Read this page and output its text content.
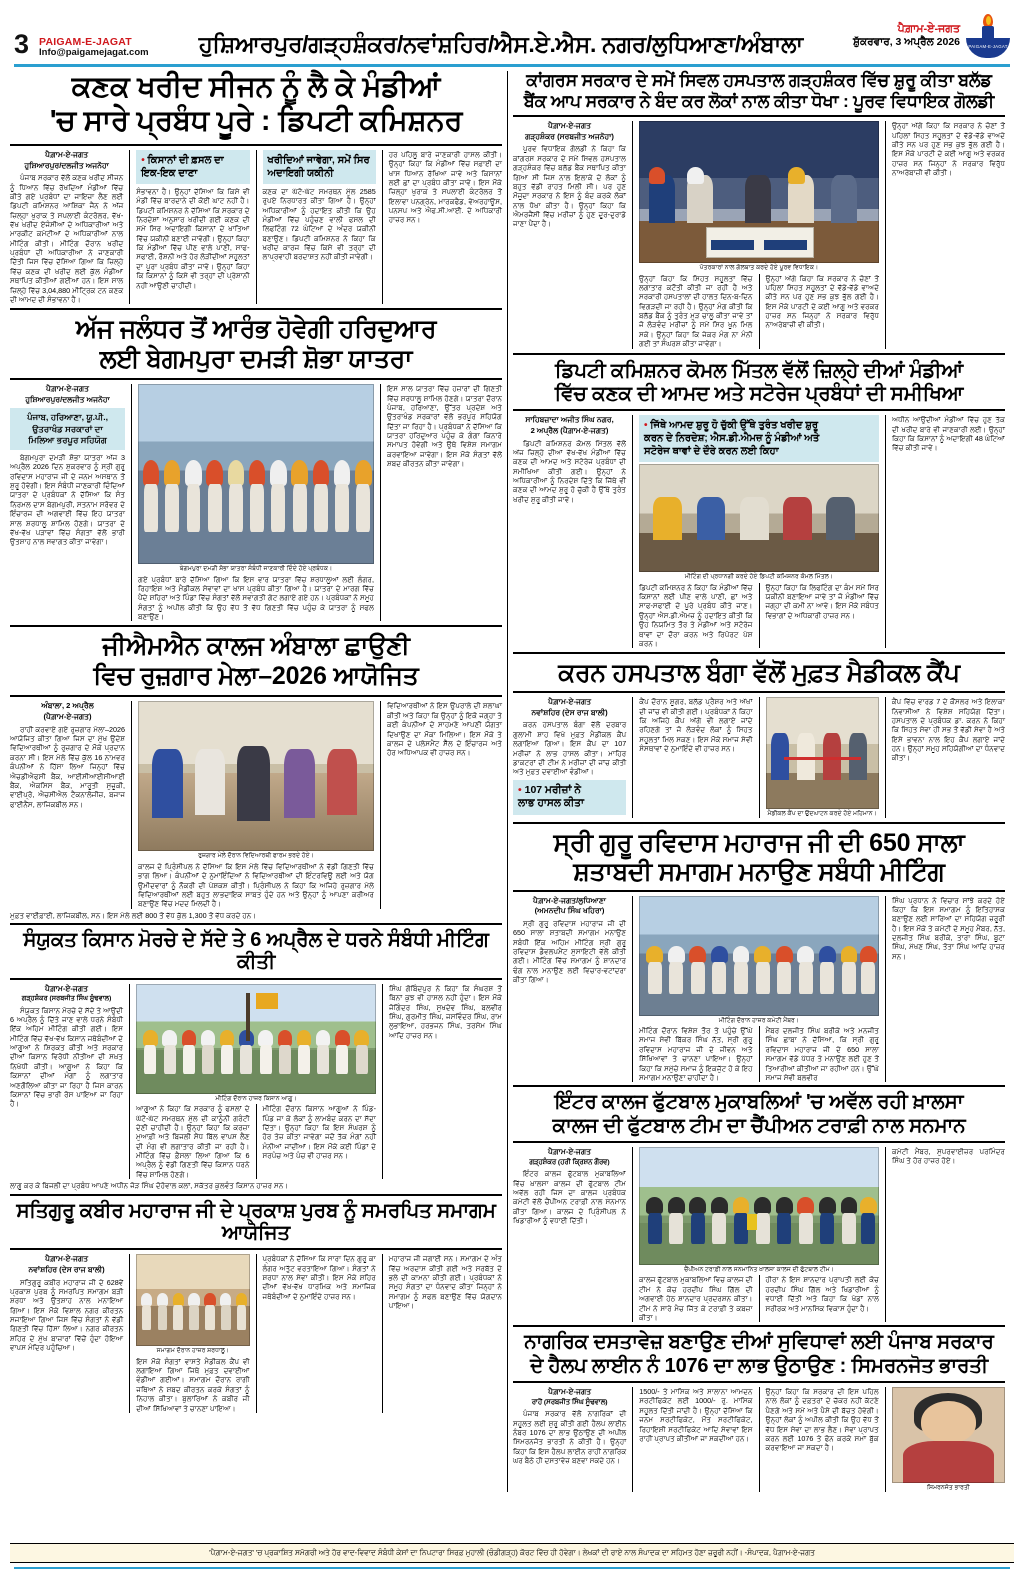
3 PAIGAM-E-JAGAT
Info@paigamejagat.com	ਹੁਸ਼ਿਆਰਪੁਰ/ਗੜ੍ਹਸ਼ੰਕਰ/ਨਵਾਂਸ਼ਹਿਰ/ਐਸ.ਏ.ਐਸ. ਨਗਰ/ਲੁਧਿਆਣਾ/ਅੰਬਾਲਾ
ਪੈਗ਼ਾਮ-ਏ-ਜਗਤ
ਸ਼ੁੱਕਰਵਾਰ, 3 ਅਪ੍ਰੈਲ 2026	PAIGAM-E-JAGAT
ਕਣਕ ਖਰੀਦ ਸੀਜਨ ਨੂੰ ਲੈ ਕੇ ਮੰਡੀਆਂ
'ਚ ਸਾਰੇ ਪ੍ਰਬੰਧ ਪੂਰੇ : ਡਿਪਟੀ ਕਮਿਸ਼ਨਰ
ਪੈਗ਼ਾਮ-ਏ-ਜਗਤ
ਹੁਸ਼ਿਆਰਪੁਰ/ਦਲਜੀਤ ਅਜਨੋਹਾ
ਪੰਜਾਬ ਸਰਕਾਰ ਵੱਲੋਂ ਕਣਕ ਖਰੀਦ ਸੀਜਨ ਨੂੰ ਧਿਆਨ ਵਿੱਚ ਰੱਖਦਿਆਂ ਮੰਡੀਆਂ ਵਿੱਚ ਕੀਤੇ ਗਏ ਪ੍ਰਬੰਧਾਂ ਦਾ ਜਾਇਜ਼ਾ ਲੈਣ ਲਈ ਡਿਪਟੀ ਕਮਿਸ਼ਨਰ ਆਸ਼ਿਕਾ ਜੈਨ ਨੇ ਅੱਜ ਜ਼ਿਲ੍ਹਾ ਖੁਰਾਕ ਤੇ ਸਪਲਾਈ ਕੰਟਰੋਲਰ, ਵੱਖ-ਵੱਖ ਖਰੀਦ ਏਜੰਸੀਆਂ ਦੇ ਅਧਿਕਾਰੀਆਂ ਅਤੇ ਮਾਰਕੀਟ ਕਮੇਟੀਆਂ ਦੇ ਅਧਿਕਾਰੀਆਂ ਨਾਲ ਮੀਟਿੰਗ ਕੀਤੀ। ਮੀਟਿੰਗ ਦੌਰਾਨ ਖਰੀਦ ਪ੍ਰਬੰਧਾਂ ਦੀ ਅਧਿਕਾਰੀਆਂ ਨੇ ਜਾਣਕਾਰੀ ਦਿੱਤੀ ਜਿਸ ਵਿੱਚ ਦੱਸਿਆ ਗਿਆ ਕਿ ਜ਼ਿਲ੍ਹੇ ਵਿੱਚ ਕਣਕ ਦੀ ਖਰੀਦ ਲਈ ਕੁੱਲ ਮੰਡੀਆਂ ਸਥਾਪਿਤ ਕੀਤੀਆਂ ਗਈਆਂ ਹਨ। ਇਸ ਸਾਲ ਜ਼ਿਲ੍ਹੇ ਵਿੱਚ 3,04,880 ਮੀਟ੍ਰਿਕ ਟਨ ਕਣਕ ਦੀ ਆਮਦ ਦੀ ਸੰਭਾਵਨਾ ਹੈ।
• ਕਿਸਾਨਾਂ ਦੀ ਫ਼ਸਲ ਦਾ ਇਕ-ਇਕ ਦਾਣਾ
ਸੰਭਾਵਨਾ ਹੈ। ਉਨ੍ਹਾਂ ਦੱਸਿਆ ਕਿ ਕਿਸੇ ਵੀ ਮੰਡੀ ਵਿੱਚ ਬਾਰਦਾਨੇ ਦੀ ਕੋਈ ਘਾਟ ਨਹੀਂ ਹੈ। ਡਿਪਟੀ ਕਮਿਸ਼ਨਰ ਨੇ ਦੱਸਿਆ ਕਿ ਸਰਕਾਰ ਦੇ ਨਿਰਦੇਸ਼ਾਂ ਅਨੁਸਾਰ ਖਰੀਦੀ ਗਈ ਕਣਕ ਦੀ ਸਮੇਂ ਸਿਰ ਅਦਾਇਗੀ ਕਿਸਾਨਾਂ ਦੇ ਖਾਤਿਆਂ ਵਿੱਚ ਯਕੀਨੀ ਬਣਾਈ ਜਾਵੇਗੀ। ਉਨ੍ਹਾਂ ਕਿਹਾ ਕਿ ਮੰਡੀਆਂ ਵਿੱਚ ਪੀਣ ਵਾਲੇ ਪਾਣੀ, ਸਾਫ-ਸਫਾਈ, ਰੌਸ਼ਨੀ ਅਤੇ ਹੋਰ ਲੋੜੀਂਦੀਆਂ ਸਹੂਲਤਾਂ ਦਾ ਪੂਰਾ ਪ੍ਰਬੰਧ ਕੀਤਾ ਜਾਵੇ। ਉਨ੍ਹਾਂ ਕਿਹਾ ਕਿ ਕਿਸਾਨਾਂ ਨੂੰ ਕਿਸੇ ਵੀ ਤਰ੍ਹਾਂ ਦੀ ਪ੍ਰੇਸ਼ਾਨੀ ਨਹੀਂ ਆਉਣੀ ਚਾਹੀਦੀ।
ਖਰੀਦਿਆਂ ਜਾਵੇਗਾ, ਸਮੇਂ ਸਿਰ ਅਦਾਇਗੀ ਯਕੀਨੀ
ਕਣਕ ਦਾ ਘੱਟੋ-ਘੱਟ ਸਮਰਥਨ ਮੁੱਲ 2585 ਰੁਪਏ ਨਿਰਧਾਰਤ ਕੀਤਾ ਗਿਆ ਹੈ। ਉਨ੍ਹਾਂ ਅਧਿਕਾਰੀਆਂ ਨੂੰ ਹਦਾਇਤ ਕੀਤੀ ਕਿ ਉਹ ਮੰਡੀਆਂ ਵਿੱਚ ਪਹੁੰਚਣ ਵਾਲੀ ਫਸਲ ਦੀ ਲਿਫਟਿੰਗ 72 ਘੰਟਿਆਂ ਦੇ ਅੰਦਰ ਯਕੀਨੀ ਬਣਾਉਣ। ਡਿਪਟੀ ਕਮਿਸ਼ਨਰ ਨੇ ਕਿਹਾ ਕਿ ਖਰੀਦ ਕਾਰਜ ਵਿੱਚ ਕਿਸੇ ਵੀ ਤਰ੍ਹਾਂ ਦੀ ਲਾਪ੍ਰਵਾਹੀ ਬਰਦਾਸ਼ਤ ਨਹੀਂ ਕੀਤੀ ਜਾਵੇਗੀ।
ਹਰ ਪਹਿਲੂ ਬਾਰੇ ਜਾਣਕਾਰੀ ਹਾਸਲ ਕੀਤੀ। ਉਨ੍ਹਾਂ ਕਿਹਾ ਕਿ ਮੰਡੀਆਂ ਵਿੱਚ ਸਫ਼ਾਈ ਦਾ ਖਾਸ ਧਿਆਨ ਰੱਖਿਆ ਜਾਵੇ ਅਤੇ ਕਿਸਾਨਾਂ ਲਈ ਛਾਂ ਦਾ ਪ੍ਰਬੰਧ ਕੀਤਾ ਜਾਵੇ। ਇਸ ਮੌਕੇ ਜ਼ਿਲ੍ਹਾ ਖੁਰਾਕ ਤੇ ਸਪਲਾਈ ਕੰਟਰੋਲਰ ਤੋਂ ਇਲਾਵਾ ਪਨਗ੍ਰੇਨ, ਮਾਰਕਫੈਡ, ਵੇਅਰਹਾਊਸ, ਪਨਸਪ ਅਤੇ ਐਫ.ਸੀ.ਆਈ. ਦੇ ਅਧਿਕਾਰੀ ਹਾਜ਼ਰ ਸਨ।
ਅੱਜ ਜਲੰਧਰ ਤੋਂ ਆਰੰਭ ਹੋਵੇਗੀ ਹਰਿਦੁਆਰ
ਲਈ ਬੇਗਮਪੁਰਾ ਦਮੜੀ ਸ਼ੋਭਾ ਯਾਤਰਾ
ਪੈਗ਼ਾਮ-ਏ-ਜਗਤ
ਹੁਸ਼ਿਆਰਪੁਰ/ਦਲਜੀਤ ਅਜਨੋਹਾ
ਪੰਜਾਬ, ਹਰਿਆਣਾ, ਯੂ.ਪੀ.,
ਉਤਰਾਖੰਡ ਸਰਕਾਰਾਂ ਦਾ
ਮਿਲਿਆ ਭਰਪੂਰ ਸਹਿਯੋਗ
ਬੇਗਮਪੁਰਾ ਦਮੜੀ ਸ਼ੋਭਾ ਯਾਤਰਾ ਅੱਜ 3 ਅਪ੍ਰੈਲ 2026 ਦਿਨ ਸ਼ੁਕਰਵਾਰ ਨੂੰ ਸ੍ਰੀ ਗੁਰੂ ਰਵਿਦਾਸ ਮਹਾਰਾਜ ਜੀ ਦੇ ਜਨਮ ਅਸਥਾਨ ਤੋਂ ਸ਼ੁਰੂ ਹੋਵੇਗੀ। ਇਸ ਸੰਬੰਧੀ ਜਾਣਕਾਰੀ ਦਿੰਦਿਆਂ ਯਾਤਰਾ ਦੇ ਪ੍ਰਬੰਧਕਾਂ ਨੇ ਦੱਸਿਆ ਕਿ ਸੰਤ ਨਿਰਮਲ ਦਾਸ ਬੇਗਮਪੁਰੀ, ਸਤਨਾਮ ਸਰੋਵਰ ਦੇ ਇੰਚਾਰਜ ਦੀ ਅਗਵਾਈ ਵਿੱਚ ਇਹ ਯਾਤਰਾ ਸਾਲ ਸ਼ਰਧਾਲੂ ਸ਼ਾਮਿਲ ਹੋਣਗੇ। ਯਾਤਰਾ ਦੇ ਵੱਖ-ਵੱਖ ਪੜਾਵਾਂ ਵਿੱਚ ਸੰਗਤਾਂ ਵੱਲੋਂ ਭਾਰੀ ਉਤਸ਼ਾਹ ਨਾਲ ਸਵਾਗਤ ਕੀਤਾ ਜਾਵੇਗਾ।
ਬੇਗਮਪੁਰਾ ਦਮੜੀ ਸ਼ੋਭਾ ਯਾਤਰਾ ਸੰਬੰਧੀ ਜਾਣਕਾਰੀ ਦਿੰਦੇ ਹੋਏ ਪ੍ਰਬੰਧਕ।
ਗਏ ਪ੍ਰਬੰਧਾਂ ਬਾਰੇ ਦੱਸਿਆ ਗਿਆ ਕਿ ਇਸ ਵਾਰ ਯਾਤਰਾ ਵਿੱਚ ਸ਼ਰਧਾਲੂਆਂ ਲਈ ਲੰਗਰ, ਰਿਹਾਇਸ਼ ਅਤੇ ਮੈਡੀਕਲ ਸੇਵਾਵਾਂ ਦਾ ਖਾਸ ਪ੍ਰਬੰਧ ਕੀਤਾ ਗਿਆ ਹੈ। ਯਾਤਰਾ ਦੇ ਮਾਰਗ ਵਿੱਚ ਪੈਂਦੇ ਸ਼ਹਿਰਾਂ ਅਤੇ ਪਿੰਡਾਂ ਵਿੱਚ ਸੰਗਤਾਂ ਵੱਲੋਂ ਸਵਾਗਤੀ ਗੇਟ ਲਗਾਏ ਗਏ ਹਨ। ਪ੍ਰਬੰਧਕਾਂ ਨੇ ਸਮੂਹ ਸੰਗਤਾਂ ਨੂੰ ਅਪੀਲ ਕੀਤੀ ਕਿ ਉਹ ਵੱਧ ਤੋਂ ਵੱਧ ਗਿਣਤੀ ਵਿੱਚ ਪਹੁੰਚ ਕੇ ਯਾਤਰਾ ਨੂੰ ਸਫਲ ਬਣਾਉਣ।
ਇਸ ਸਾਲ ਯਾਤਰਾ ਵਿੱਚ ਹਜ਼ਾਰਾਂ ਦੀ ਗਿਣਤੀ ਵਿੱਚ ਸ਼ਰਧਾਲੂ ਸ਼ਾਮਿਲ ਹੋਣਗੇ। ਯਾਤਰਾ ਦੌਰਾਨ ਪੰਜਾਬ, ਹਰਿਆਣਾ, ਉੱਤਰ ਪ੍ਰਦੇਸ਼ ਅਤੇ ਉਤਰਾਖੰਡ ਸਰਕਾਰਾਂ ਵੱਲੋਂ ਭਰਪੂਰ ਸਹਿਯੋਗ ਦਿੱਤਾ ਜਾ ਰਿਹਾ ਹੈ। ਪ੍ਰਬੰਧਕਾਂ ਨੇ ਦੱਸਿਆ ਕਿ ਯਾਤਰਾ ਹਰਿਦੁਆਰ ਪਹੁੰਚ ਕੇ ਗੰਗਾ ਕਿਨਾਰੇ ਸਮਾਪਤ ਹੋਵੇਗੀ ਅਤੇ ਉਥੇ ਵਿਸ਼ੇਸ਼ ਸਮਾਗਮ ਕਰਵਾਇਆ ਜਾਵੇਗਾ। ਇਸ ਮੌਕੇ ਸੰਗਤਾਂ ਵੱਲੋਂ ਸ਼ਬਦ ਕੀਰਤਨ ਕੀਤਾ ਜਾਵੇਗਾ।
ਜੀਐਮਐਨ ਕਾਲਜ ਅੰਬਾਲਾ ਛਾਉਣੀ
ਵਿਚ ਰੁਜ਼ਗਾਰ ਮੇਲਾ–2026 ਆਯੋਜਿਤ
ਅੰਬਾਲਾ, 2 ਅਪ੍ਰੈਲ
(ਪੈਗ਼ਾਮ-ਏ-ਜਗਤ)
ਰਾਹੀਂ ਕਰਵਾਏ ਗਏ ਰੁਜ਼ਗਾਰ ਮੇਲਾ–2026 ਆਯੋਜਿਤ ਕੀਤਾ ਗਿਆ ਜਿਸ ਦਾ ਮੁੱਖ ਉਦੇਸ਼ ਵਿਦਿਆਰਥੀਆਂ ਨੂੰ ਰੁਜ਼ਗਾਰ ਦੇ ਮੌਕੇ ਪ੍ਰਦਾਨ ਕਰਨਾ ਸੀ। ਇਸ ਮੇਲੇ ਵਿੱਚ ਕੁੱਲ 16 ਨਾਮਵਰ ਕੰਪਨੀਆਂ ਨੇ ਹਿੱਸਾ ਲਿਆ ਜਿਨ੍ਹਾਂ ਵਿੱਚ ਐਚਡੀਐਫਸੀ ਬੈਂਕ, ਆਈਸੀਆਈਸੀਆਈ ਬੈਂਕ, ਐਕਸਿਸ ਬੈਂਕ, ਮਾਰੂਤੀ ਸੁਜ਼ੂਕੀ, ਵਾਈਪ੍ਰੋ, ਐਚਸੀਐਲ ਟੈਕਨਾਲੋਜੀਜ਼, ਬਜਾਜ ਫਾਈਨੈਂਸ, ਲਾਜਿਕਬੀਲ ਸਨ।
ਰੁਜ਼ਗਾਰ ਮੇਲੇ ਦੌਰਾਨ ਵਿਦਿਆਰਥੀ ਫਾਰਮ ਭਰਦੇ ਹੋਏ।
ਕਾਲਜ ਦੇ ਪ੍ਰਿੰਸੀਪਲ ਨੇ ਦੱਸਿਆ ਕਿ ਇਸ ਮੇਲੇ ਵਿੱਚ ਵਿਦਿਆਰਥੀਆਂ ਨੇ ਵੱਡੀ ਗਿਣਤੀ ਵਿੱਚ ਭਾਗ ਲਿਆ। ਕੰਪਨੀਆਂ ਦੇ ਨੁਮਾਇੰਦਿਆਂ ਨੇ ਵਿਦਿਆਰਥੀਆਂ ਦੀ ਇੰਟਰਵਿਊ ਲਈ ਅਤੇ ਯੋਗ ਉਮੀਦਵਾਰਾਂ ਨੂੰ ਨੌਕਰੀ ਦੀ ਪੇਸ਼ਕਸ਼ ਕੀਤੀ। ਪ੍ਰਿੰਸੀਪਲ ਨੇ ਕਿਹਾ ਕਿ ਅਜਿਹੇ ਰੁਜ਼ਗਾਰ ਮੇਲੇ ਵਿਦਿਆਰਥੀਆਂ ਲਈ ਬਹੁਤ ਲਾਭਦਾਇਕ ਸਾਬਤ ਹੁੰਦੇ ਹਨ ਅਤੇ ਉਨ੍ਹਾਂ ਨੂੰ ਆਪਣਾ ਕਰੀਅਰ ਬਣਾਉਣ ਵਿੱਚ ਮਦਦ ਮਿਲਦੀ ਹੈ।
ਵਿਦਿਆਰਥੀਆਂ ਨੇ ਇਸ ਉਪਰਾਲੇ ਦੀ ਸ਼ਲਾਘਾ ਕੀਤੀ ਅਤੇ ਕਿਹਾ ਕਿ ਉਨ੍ਹਾਂ ਨੂੰ ਇਕੋ ਜਗ੍ਹਾ ਤੇ ਕਈ ਕੰਪਨੀਆਂ ਦੇ ਸਾਹਮਣੇ ਆਪਣੀ ਯੋਗਤਾ ਦਿਖਾਉਣ ਦਾ ਮੌਕਾ ਮਿਲਿਆ। ਇਸ ਮੌਕੇ ਤੇ ਕਾਲਜ ਦੇ ਪਲੇਸਮੈਂਟ ਸੈੱਲ ਦੇ ਇੰਚਾਰਜ ਅਤੇ ਹੋਰ ਅਧਿਆਪਕ ਵੀ ਹਾਜ਼ਰ ਸਨ।
ਮੁਫ਼ਤ ਵਾਈਫ਼ਾਈ, ਲਾਜਿਕਬੀਲ, ਸਨ। ਇਸ ਮੇਲੇ ਲਈ 800 ਤੋਂ ਵੱਧ ਕੁੱਲ 1,300 ਤੋਂ ਵੱਧ ਕਰਦੇ ਹਨ।
ਸੰਯੁਕਤ ਕਿਸਾਨ ਮੋਰਚੇ ਦੇ ਸੱਦੇ ਤੇ 6 ਅਪ੍ਰੈਲ ਦੇ ਧਰਨੇ ਸੰਬੰਧੀ ਮੀਟਿੰਗ ਕੀਤੀ
ਪੈਗ਼ਾਮ-ਏ-ਜਗਤ
ਗੜ੍ਹਸ਼ੰਕਰ (ਸਰਬਜੀਤ ਸਿੰਘ ਸੂੰਢਵਾਲ)
ਸੰਯੁਕਤ ਕਿਸਾਨ ਮੋਰਚੇ ਦੇ ਸੱਦੇ ਤੇ ਆਉਂਦੀ 6 ਅਪ੍ਰੈਲ ਨੂੰ ਦਿੱਤੇ ਜਾਣ ਵਾਲੇ ਧਰਨੇ ਸੰਬੰਧੀ ਇੱਕ ਅਹਿਮ ਮੀਟਿੰਗ ਕੀਤੀ ਗਈ। ਇਸ ਮੀਟਿੰਗ ਵਿੱਚ ਵੱਖ-ਵੱਖ ਕਿਸਾਨ ਜਥੇਬੰਦੀਆਂ ਦੇ ਆਗੂਆਂ ਨੇ ਸ਼ਿਰਕਤ ਕੀਤੀ ਅਤੇ ਸਰਕਾਰ ਦੀਆਂ ਕਿਸਾਨ ਵਿਰੋਧੀ ਨੀਤੀਆਂ ਦੀ ਸਖ਼ਤ ਨਿਖੇਧੀ ਕੀਤੀ। ਆਗੂਆਂ ਨੇ ਕਿਹਾ ਕਿ ਕਿਸਾਨਾਂ ਦੀਆਂ ਮੰਗਾਂ ਨੂੰ ਲਗਾਤਾਰ ਅਣਗੌਲਿਆ ਕੀਤਾ ਜਾ ਰਿਹਾ ਹੈ ਜਿਸ ਕਾਰਨ ਕਿਸਾਨਾਂ ਵਿੱਚ ਭਾਰੀ ਰੋਸ ਪਾਇਆ ਜਾ ਰਿਹਾ ਹੈ।
ਮੀਟਿੰਗ ਦੌਰਾਨ ਹਾਜ਼ਰ ਕਿਸਾਨ ਆਗੂ।
ਆਗੂਆਂ ਨੇ ਕਿਹਾ ਕਿ ਸਰਕਾਰ ਨੂੰ ਫਸਲਾਂ ਦੇ ਘੱਟੋ-ਘੱਟ ਸਮਰਥਨ ਮੁੱਲ ਦੀ ਕਾਨੂੰਨੀ ਗਰੰਟੀ ਦੇਣੀ ਚਾਹੀਦੀ ਹੈ। ਉਨ੍ਹਾਂ ਕਿਹਾ ਕਿ ਕਰਜ਼ਾ ਮੁਆਫ਼ੀ ਅਤੇ ਬਿਜਲੀ ਸੋਧ ਬਿੱਲ ਵਾਪਸ ਲੈਣ ਦੀ ਮੰਗ ਵੀ ਲਗਾਤਾਰ ਕੀਤੀ ਜਾ ਰਹੀ ਹੈ। ਮੀਟਿੰਗ ਵਿੱਚ ਫ਼ੈਸਲਾ ਲਿਆ ਗਿਆ ਕਿ 6 ਅਪ੍ਰੈਲ ਨੂੰ ਵੱਡੀ ਗਿਣਤੀ ਵਿੱਚ ਕਿਸਾਨ ਧਰਨੇ ਵਿੱਚ ਸ਼ਾਮਿਲ ਹੋਣਗੇ।
ਮੀਟਿੰਗ ਦੌਰਾਨ ਕਿਸਾਨ ਆਗੂਆਂ ਨੇ ਪਿੰਡ-ਪਿੰਡ ਜਾ ਕੇ ਲੋਕਾਂ ਨੂੰ ਲਾਮਬੰਦ ਕਰਨ ਦਾ ਸੱਦਾ ਦਿੱਤਾ। ਉਨ੍ਹਾਂ ਕਿਹਾ ਕਿ ਇਸ ਸੰਘਰਸ਼ ਨੂੰ ਹੋਰ ਤੇਜ਼ ਕੀਤਾ ਜਾਵੇਗਾ ਜਦੋਂ ਤੱਕ ਮੰਗਾਂ ਨਹੀਂ ਮੰਨੀਆਂ ਜਾਂਦੀਆਂ। ਇਸ ਮੌਕੇ ਕਈ ਪਿੰਡਾਂ ਦੇ ਸਰਪੰਚ ਅਤੇ ਪੰਚ ਵੀ ਹਾਜ਼ਰ ਸਨ।
ਸਿੰਘ ਗੋਬਿੰਦਪੁਰ ਨੇ ਕਿਹਾ ਕਿ ਸੰਘਰਸ਼ ਤੋਂ ਬਿਨਾਂ ਕੁਝ ਵੀ ਹਾਸਲ ਨਹੀਂ ਹੁੰਦਾ। ਇਸ ਮੌਕੇ ਜੋਗਿੰਦਰ ਸਿੰਘ, ਸੁਖਦੇਵ ਸਿੰਘ, ਬਲਵੀਰ ਸਿੰਘ, ਗੁਰਮੀਤ ਸਿੰਘ, ਜਸਵਿੰਦਰ ਸਿੰਘ, ਰਾਮ ਲੁਭਾਇਆ, ਹਰਭਜਨ ਸਿੰਘ, ਤਰਸੇਮ ਸਿੰਘ ਆਦਿ ਹਾਜ਼ਰ ਸਨ।
ਲਾਗੂ ਕਰ ਕੇ ਬਿਜਲੀ ਦਾ ਪ੍ਰਬੰਧ ਆਪਣੇ ਅਧੀਨ ਜੋੜ ਸਿੰਘ ਦੋਹੋਵਾਲ ਕਲਾਂ, ਸਕੱਤਰ ਕੁਲਵੰਤ ਕਿਸਾਨ ਹਾਜ਼ਰ ਸਨ।
ਸਤਿਗੁਰੂ ਕਬੀਰ ਮਹਾਰਾਜ ਜੀ ਦੇ ਪ੍ਰਕਾਸ਼ ਪੁਰਬ ਨੂੰ ਸਮਰਪਿਤ ਸਮਾਗਮ ਆਯੋਜਿਤ
ਪੈਗ਼ਾਮ-ਏ-ਜਗਤ
ਨਵਾਂਸ਼ਹਿਰ (ਦੇਸ ਰਾਜ ਬਾਲੀ)
ਸਤਿਗੁਰੂ ਕਬੀਰ ਮਹਾਰਾਜ ਜੀ ਦੇ 628ਵੇਂ ਪ੍ਰਕਾਸ਼ ਪੁਰਬ ਨੂੰ ਸਮਰਪਿਤ ਸਮਾਗਮ ਬੜੀ ਸ਼ਰਧਾ ਅਤੇ ਉਤਸ਼ਾਹ ਨਾਲ ਮਨਾਇਆ ਗਿਆ। ਇਸ ਮੌਕੇ ਵਿਸ਼ਾਲ ਨਗਰ ਕੀਰਤਨ ਸਜਾਇਆ ਗਿਆ ਜਿਸ ਵਿੱਚ ਸੰਗਤਾਂ ਨੇ ਵੱਡੀ ਗਿਣਤੀ ਵਿੱਚ ਹਿੱਸਾ ਲਿਆ। ਨਗਰ ਕੀਰਤਨ ਸ਼ਹਿਰ ਦੇ ਮੁੱਖ ਬਾਜ਼ਾਰਾਂ ਵਿੱਚੋਂ ਹੁੰਦਾ ਹੋਇਆ ਵਾਪਸ ਮੰਦਿਰ ਪਹੁੰਚਿਆ।	ਸਮਾਗਮ ਦੌਰਾਨ ਹਾਜ਼ਰ ਸ਼ਰਧਾਲੂ।
ਇਸ ਮੌਕੇ ਸੰਗਤਾਂ ਵਾਸਤੇ ਮੈਡੀਕਲ ਕੈਂਪ ਵੀ ਲਗਾਇਆ ਗਿਆ ਜਿਥੇ ਮੁਫ਼ਤ ਦਵਾਈਆਂ ਵੰਡੀਆਂ ਗਈਆਂ। ਸਮਾਗਮ ਦੌਰਾਨ ਰਾਗੀ ਜਥਿਆਂ ਨੇ ਸ਼ਬਦ ਕੀਰਤਨ ਕਰਕੇ ਸੰਗਤਾਂ ਨੂੰ ਨਿਹਾਲ ਕੀਤਾ। ਬੁਲਾਰਿਆਂ ਨੇ ਕਬੀਰ ਜੀ ਦੀਆਂ ਸਿੱਖਿਆਵਾਂ ਤੇ ਚਾਨਣਾ ਪਾਇਆ।
ਪ੍ਰਬੰਧਕਾਂ ਨੇ ਦੱਸਿਆ ਕਿ ਸਾਰਾ ਦਿਨ ਗੁਰੂ ਕਾ ਲੰਗਰ ਅਤੁੱਟ ਵਰਤਾਇਆ ਗਿਆ। ਸੰਗਤਾਂ ਨੇ ਸ਼ਰਧਾ ਨਾਲ ਸੇਵਾ ਕੀਤੀ। ਇਸ ਮੌਕੇ ਸ਼ਹਿਰ ਦੀਆਂ ਵੱਖ-ਵੱਖ ਧਾਰਮਿਕ ਅਤੇ ਸਮਾਜਿਕ ਜਥੇਬੰਦੀਆਂ ਦੇ ਨੁਮਾਇੰਦੇ ਹਾਜ਼ਰ ਸਨ।
ਮਹਾਰਾਜ ਜੀ ਜਗਾਈ ਸਨ। ਸਮਾਗਮ ਦੇ ਅੰਤ ਵਿੱਚ ਅਰਦਾਸ ਕੀਤੀ ਗਈ ਅਤੇ ਸਰਬੱਤ ਦੇ ਭਲੇ ਦੀ ਕਾਮਨਾ ਕੀਤੀ ਗਈ। ਪ੍ਰਬੰਧਕਾਂ ਨੇ ਸਮੂਹ ਸੰਗਤਾਂ ਦਾ ਧੰਨਵਾਦ ਕੀਤਾ ਜਿਨ੍ਹਾਂ ਨੇ ਸਮਾਗਮ ਨੂੰ ਸਫਲ ਬਣਾਉਣ ਵਿੱਚ ਯੋਗਦਾਨ ਪਾਇਆ।
ਕਾਂਗਰਸ ਸਰਕਾਰ ਦੇ ਸਮੇਂ ਸਿਵਲ ਹਸਪਤਾਲ ਗੜ੍ਹਸ਼ੰਕਰ ਵਿੱਚ ਸ਼ੁਰੂ ਕੀਤਾ ਬਲੱਡ
ਬੈਂਕ ਆਪ ਸਰਕਾਰ ਨੇ ਬੰਦ ਕਰ ਲੋਕਾਂ ਨਾਲ ਕੀਤਾ ਧੋਖਾ : ਪੂਰਵ ਵਿਧਾਇਕ ਗੋਲਡੀ
ਪੈਗ਼ਾਮ-ਏ-ਜਗਤ
ਗੜ੍ਹਸ਼ੰਕਰ (ਸਰਬਜੀਤ ਅਜਨੋਹਾ)
ਪੂਰਵ ਵਿਧਾਇਕ ਗੋਲਡੀ ਨੇ ਕਿਹਾ ਕਿ ਕਾਂਗਰਸ ਸਰਕਾਰ ਦੇ ਸਮੇਂ ਸਿਵਲ ਹਸਪਤਾਲ ਗੜ੍ਹਸ਼ੰਕਰ ਵਿੱਚ ਬਲੱਡ ਬੈਂਕ ਸਥਾਪਿਤ ਕੀਤਾ ਗਿਆ ਸੀ ਜਿਸ ਨਾਲ ਇਲਾਕੇ ਦੇ ਲੋਕਾਂ ਨੂੰ ਬਹੁਤ ਵੱਡੀ ਰਾਹਤ ਮਿਲੀ ਸੀ। ਪਰ ਹੁਣ ਮੌਜੂਦਾ ਸਰਕਾਰ ਨੇ ਇਸ ਨੂੰ ਬੰਦ ਕਰਕੇ ਲੋਕਾਂ ਨਾਲ ਧੋਖਾ ਕੀਤਾ ਹੈ। ਉਨ੍ਹਾਂ ਕਿਹਾ ਕਿ ਐਮਰਜੈਂਸੀ ਵਿੱਚ ਮਰੀਜ਼ਾਂ ਨੂੰ ਹੁਣ ਦੂਰ-ਦੁਰਾਡੇ ਜਾਣਾ ਪੈਂਦਾ ਹੈ।
ਪੱਤਰਕਾਰਾਂ ਨਾਲ ਗੱਲਬਾਤ ਕਰਦੇ ਹੋਏ ਪੂਰਵ ਵਿਧਾਇਕ।
ਉਨ੍ਹਾਂ ਕਿਹਾ ਕਿ ਸਿਹਤ ਸਹੂਲਤਾਂ ਵਿੱਚ ਲਗਾਤਾਰ ਕਟੌਤੀ ਕੀਤੀ ਜਾ ਰਹੀ ਹੈ ਅਤੇ ਸਰਕਾਰੀ ਹਸਪਤਾਲਾਂ ਦੀ ਹਾਲਤ ਦਿਨ-ਬ-ਦਿਨ ਵਿਗੜਦੀ ਜਾ ਰਹੀ ਹੈ। ਉਨ੍ਹਾਂ ਮੰਗ ਕੀਤੀ ਕਿ ਬਲੱਡ ਬੈਂਕ ਨੂੰ ਤੁਰੰਤ ਮੁੜ ਚਾਲੂ ਕੀਤਾ ਜਾਵੇ ਤਾਂ ਜੋ ਲੋੜਵੰਦ ਮਰੀਜ਼ਾਂ ਨੂੰ ਸਮੇਂ ਸਿਰ ਖੂਨ ਮਿਲ ਸਕੇ। ਉਨ੍ਹਾਂ ਕਿਹਾ ਕਿ ਜੇਕਰ ਮੰਗ ਨਾ ਮੰਨੀ ਗਈ ਤਾਂ ਸੰਘਰਸ਼ ਕੀਤਾ ਜਾਵੇਗਾ।
ਉਨ੍ਹਾਂ ਅੱਗੇ ਕਿਹਾ ਕਿ ਸਰਕਾਰ ਨੇ ਚੋਣਾਂ ਤੋਂ ਪਹਿਲਾਂ ਸਿਹਤ ਸਹੂਲਤਾਂ ਦੇ ਵੱਡੇ-ਵੱਡੇ ਵਾਅਦੇ ਕੀਤੇ ਸਨ ਪਰ ਹੁਣ ਸਭ ਕੁਝ ਭੁੱਲ ਗਈ ਹੈ। ਇਸ ਮੌਕੇ ਪਾਰਟੀ ਦੇ ਕਈ ਆਗੂ ਅਤੇ ਵਰਕਰ ਹਾਜ਼ਰ ਸਨ ਜਿਨ੍ਹਾਂ ਨੇ ਸਰਕਾਰ ਵਿਰੁੱਧ ਨਾਅਰੇਬਾਜ਼ੀ ਵੀ ਕੀਤੀ।
ਉਨ੍ਹਾਂ ਅੱਗੇ ਕਿਹਾ ਕਿ ਸਰਕਾਰ ਨੇ ਚੋਣਾਂ ਤੋਂ ਪਹਿਲਾਂ ਸਿਹਤ ਸਹੂਲਤਾਂ ਦੇ ਵੱਡੇ-ਵੱਡੇ ਵਾਅਦੇ ਕੀਤੇ ਸਨ ਪਰ ਹੁਣ ਸਭ ਕੁਝ ਭੁੱਲ ਗਈ ਹੈ। ਇਸ ਮੌਕੇ ਪਾਰਟੀ ਦੇ ਕਈ ਆਗੂ ਅਤੇ ਵਰਕਰ ਹਾਜ਼ਰ ਸਨ ਜਿਨ੍ਹਾਂ ਨੇ ਸਰਕਾਰ ਵਿਰੁੱਧ ਨਾਅਰੇਬਾਜ਼ੀ ਵੀ ਕੀਤੀ।
ਡਿਪਟੀ ਕਮਿਸ਼ਨਰ ਕੋਮਲ ਮਿੱਤਲ ਵੱਲੋਂ ਜ਼ਿਲ੍ਹੇ ਦੀਆਂ ਮੰਡੀਆਂ
ਵਿੱਚ ਕਣਕ ਦੀ ਆਮਦ ਅਤੇ ਸਟੋਰੇਜ ਪ੍ਰਬੰਧਾਂ ਦੀ ਸਮੀਖਿਆ
ਸਾਹਿਬਜ਼ਾਦਾ ਅਜੀਤ ਸਿੰਘ ਨਗਰ,
2 ਅਪ੍ਰੈਲ (ਪੈਗ਼ਾਮ-ਏ-ਜਗਤ)
ਡਿਪਟੀ ਕਮਿਸ਼ਨਰ ਕੋਮਲ ਮਿੱਤਲ ਵੱਲੋਂ ਅੱਜ ਜ਼ਿਲ੍ਹੇ ਦੀਆਂ ਵੱਖ-ਵੱਖ ਮੰਡੀਆਂ ਵਿੱਚ ਕਣਕ ਦੀ ਆਮਦ ਅਤੇ ਸਟੋਰੇਜ ਪ੍ਰਬੰਧਾਂ ਦੀ ਸਮੀਖਿਆ ਕੀਤੀ ਗਈ। ਉਨ੍ਹਾਂ ਨੇ ਅਧਿਕਾਰੀਆਂ ਨੂੰ ਨਿਰਦੇਸ਼ ਦਿੱਤੇ ਕਿ ਜਿੱਥੇ ਵੀ ਕਣਕ ਦੀ ਆਮਦ ਸ਼ੁਰੂ ਹੋ ਚੁੱਕੀ ਹੈ ਉੱਥੇ ਤੁਰੰਤ ਖਰੀਦ ਸ਼ੁਰੂ ਕੀਤੀ ਜਾਵੇ।
• ਜਿੱਥੇ ਆਮਦ ਸ਼ੁਰੂ ਹੋ ਚੁੱਕੀ ਉੱਥੇ ਤੁਰੰਤ ਖਰੀਦ ਸ਼ੁਰੂ
ਕਰਨ ਦੇ ਨਿਰਦੇਸ਼; ਐਸ.ਡੀ.ਐਮਜ਼ ਨੂੰ ਮੰਡੀਆਂ ਅਤੇ
ਸਟੋਰੇਜ ਥਾਵਾਂ ਦੇ ਦੌਰੇ ਕਰਨ ਲਈ ਕਿਹਾ
ਮੀਟਿੰਗ ਦੀ ਪ੍ਰਧਾਨਗੀ ਕਰਦੇ ਹੋਏ ਡਿਪਟੀ ਕਮਿਸ਼ਨਰ ਕੋਮਲ ਮਿੱਤਲ।
ਡਿਪਟੀ ਕਮਿਸ਼ਨਰ ਨੇ ਕਿਹਾ ਕਿ ਮੰਡੀਆਂ ਵਿੱਚ ਕਿਸਾਨਾਂ ਲਈ ਪੀਣ ਵਾਲੇ ਪਾਣੀ, ਛਾਂ ਅਤੇ ਸਾਫ-ਸਫਾਈ ਦੇ ਪੂਰੇ ਪ੍ਰਬੰਧ ਕੀਤੇ ਜਾਣ। ਉਨ੍ਹਾਂ ਐਸ.ਡੀ.ਐਮਜ਼ ਨੂੰ ਹਦਾਇਤ ਕੀਤੀ ਕਿ ਉਹ ਨਿਯਮਿਤ ਤੌਰ ਤੇ ਮੰਡੀਆਂ ਅਤੇ ਸਟੋਰੇਜ ਥਾਵਾਂ ਦਾ ਦੌਰਾ ਕਰਨ ਅਤੇ ਰਿਪੋਰਟ ਪੇਸ਼ ਕਰਨ।
ਉਨ੍ਹਾਂ ਕਿਹਾ ਕਿ ਲਿਫਟਿੰਗ ਦਾ ਕੰਮ ਸਮੇਂ ਸਿਰ ਯਕੀਨੀ ਬਣਾਇਆ ਜਾਵੇ ਤਾਂ ਜੋ ਮੰਡੀਆਂ ਵਿੱਚ ਜਗ੍ਹਾ ਦੀ ਕਮੀ ਨਾ ਆਵੇ। ਇਸ ਮੌਕੇ ਸਬੰਧਤ ਵਿਭਾਗਾਂ ਦੇ ਅਧਿਕਾਰੀ ਹਾਜ਼ਰ ਸਨ।
ਅਧੀਨ ਆਉਂਦੀਆਂ ਮੰਡੀਆਂ ਵਿੱਚ ਹੁਣ ਤੱਕ ਦੀ ਖਰੀਦ ਬਾਰੇ ਵੀ ਜਾਣਕਾਰੀ ਲਈ। ਉਨ੍ਹਾਂ ਕਿਹਾ ਕਿ ਕਿਸਾਨਾਂ ਨੂੰ ਅਦਾਇਗੀ 48 ਘੰਟਿਆਂ ਵਿੱਚ ਕੀਤੀ ਜਾਵੇ।
ਕਰਨ ਹਸਪਤਾਲ ਬੰਗਾ ਵੱਲੋਂ ਮੁਫ਼ਤ ਮੈਡੀਕਲ ਕੈਂਪ
ਪੈਗ਼ਾਮ-ਏ-ਜਗਤ
ਨਵਾਂਸ਼ਹਿਰ (ਦੇਸ ਰਾਜ ਬਾਲੀ)
ਕਰਨ ਹਸਪਤਾਲ ਬੰਗਾ ਵੱਲੋਂ ਦਰਬਾਰ ਗੁਲਾਮੀ ਸ਼ਾਹ ਵਿਖੇ ਮੁਫ਼ਤ ਮੈਡੀਕਲ ਕੈਂਪ ਲਗਾਇਆ ਗਿਆ। ਇਸ ਕੈਂਪ ਦਾ 107 ਮਰੀਜ਼ਾਂ ਨੇ ਲਾਭ ਹਾਸਲ ਕੀਤਾ। ਮਾਹਿਰ ਡਾਕਟਰਾਂ ਦੀ ਟੀਮ ਨੇ ਮਰੀਜ਼ਾਂ ਦੀ ਜਾਂਚ ਕੀਤੀ ਅਤੇ ਮੁਫ਼ਤ ਦਵਾਈਆਂ ਵੰਡੀਆਂ।
• 107 ਮਰੀਜ਼ਾਂ ਨੇ
ਲਾਭ ਹਾਸਲ ਕੀਤਾ
ਕੈਂਪ ਦੌਰਾਨ ਸ਼ੂਗਰ, ਬਲੱਡ ਪ੍ਰੈਸ਼ਰ ਅਤੇ ਅੱਖਾਂ ਦੀ ਜਾਂਚ ਵੀ ਕੀਤੀ ਗਈ। ਪ੍ਰਬੰਧਕਾਂ ਨੇ ਕਿਹਾ ਕਿ ਅਜਿਹੇ ਕੈਂਪ ਅੱਗੇ ਵੀ ਲਗਾਏ ਜਾਂਦੇ ਰਹਿਣਗੇ ਤਾਂ ਜੋ ਲੋੜਵੰਦ ਲੋਕਾਂ ਨੂੰ ਸਿਹਤ ਸਹੂਲਤਾਂ ਮਿਲ ਸਕਣ। ਇਸ ਮੌਕੇ ਸਮਾਜ ਸੇਵੀ ਸੰਸਥਾਵਾਂ ਦੇ ਨੁਮਾਇੰਦੇ ਵੀ ਹਾਜ਼ਰ ਸਨ।
ਮੈਡੀਕਲ ਕੈਂਪ ਦਾ ਉਦਘਾਟਨ ਕਰਦੇ ਹੋਏ ਮਹਿਮਾਨ।
ਕੈਂਪ ਵਿੱਚ ਵਾਰਡ 7 ਦੇ ਕੌਂਸਲਰ ਅਤੇ ਇਲਾਕਾ ਨਿਵਾਸੀਆਂ ਨੇ ਵਿਸ਼ੇਸ਼ ਸਹਿਯੋਗ ਦਿੱਤਾ। ਹਸਪਤਾਲ ਦੇ ਪ੍ਰਬੰਧਕ ਡਾ. ਕਰਨ ਨੇ ਕਿਹਾ ਕਿ ਸਿਹਤ ਸੇਵਾ ਹੀ ਸਭ ਤੋਂ ਵੱਡੀ ਸੇਵਾ ਹੈ ਅਤੇ ਇਸੇ ਭਾਵਨਾ ਨਾਲ ਇਹ ਕੈਂਪ ਲਗਾਏ ਜਾਂਦੇ ਹਨ। ਉਨ੍ਹਾਂ ਸਮੂਹ ਸਹਿਯੋਗੀਆਂ ਦਾ ਧੰਨਵਾਦ ਕੀਤਾ।
ਸ੍ਰੀ ਗੁਰੂ ਰਵਿਦਾਸ ਮਹਾਰਾਜ ਜੀ ਦੀ 650 ਸਾਲਾ
ਸ਼ਤਾਬਦੀ ਸਮਾਗਮ ਮਨਾਉਣ ਸਬੰਧੀ ਮੀਟਿੰਗ
ਪੈਗ਼ਾਮ-ਏ-ਜਗਤ/ਲੁਧਿਆਣਾ
(ਅਮਨਦੀਪ ਸਿੰਘ ਖਹਿਰਾ)
ਸ੍ਰੀ ਗੁਰੂ ਰਵਿਦਾਸ ਮਹਾਰਾਜ ਜੀ ਦੀ 650 ਸਾਲਾ ਸ਼ਤਾਬਦੀ ਸਮਾਗਮ ਮਨਾਉਣ ਸਬੰਧੀ ਇੱਕ ਅਹਿਮ ਮੀਟਿੰਗ ਸ੍ਰੀ ਗੁਰੂ ਰਵਿਦਾਸ ਡੈਵਲਪਮੈਂਟ ਸੁਸਾਇਟੀ ਵੱਲੋਂ ਕੀਤੀ ਗਈ। ਮੀਟਿੰਗ ਵਿੱਚ ਸਮਾਗਮ ਨੂੰ ਸ਼ਾਨਦਾਰ ਢੰਗ ਨਾਲ ਮਨਾਉਣ ਲਈ ਵਿਚਾਰ-ਵਟਾਂਦਰਾ ਕੀਤਾ ਗਿਆ।
ਮੀਟਿੰਗ ਦੌਰਾਨ ਹਾਜ਼ਰ ਕਮੇਟੀ ਮੈਂਬਰ।
ਮੀਟਿੰਗ ਦੌਰਾਨ ਵਿਸ਼ੇਸ਼ ਤੌਰ ਤੇ ਪਹੁੰਚੇ ਉੱਘੇ ਸਮਾਜ ਸੇਵੀ ਬਿੱਕਰ ਸਿੰਘ ਨੱਤ, ਸ੍ਰੀ ਗੁਰੂ ਰਵਿਦਾਸ ਮਹਾਰਾਜ ਜੀ ਦੇ ਜੀਵਨ ਅਤੇ ਸਿੱਖਿਆਵਾਂ ਤੇ ਚਾਨਣਾ ਪਾਇਆ। ਉਨ੍ਹਾਂ ਕਿਹਾ ਕਿ ਸਮੁੱਚੇ ਸਮਾਜ ਨੂੰ ਇਕਜੁੱਟ ਹੋ ਕੇ ਇਹ ਸਮਾਗਮ ਮਨਾਉਣਾ ਚਾਹੀਦਾ ਹੈ।
ਮੈਂਬਰ ਦਲਜੀਤ ਸਿੰਘ ਬਰੀਕੇ ਅਤੇ ਮਨਜੀਤ ਸਿੰਘ ਛਾਬਾ ਨੇ ਦੱਸਿਆ, ਕਿ ਸ੍ਰੀ ਗੁਰੂ ਰਵਿਦਾਸ ਮਹਾਰਾਜ ਜੀ ਦੇ 650 ਸਾਲਾ ਸਮਾਗਮ ਵੱਡੇ ਪੱਧਰ ਤੇ ਮਨਾਉਣ ਲਈ ਹੁਣ ਤੋਂ ਤਿਆਰੀਆਂ ਕੀਤੀਆਂ ਜਾ ਰਹੀਆਂ ਹਨ। ਉੱਘੇ ਸਮਾਜ ਸੇਵੀ ਬਲਵੀਰ
ਸਿੰਘ ਪ੍ਰਧਾਨ ਨੇ ਵਿਚਾਰ ਸਾਂਝੇ ਕਰਦੇ ਹੋਏ ਕਿਹਾ ਕਿ ਇਸ ਸਮਾਗਮ ਨੂੰ ਇਤਿਹਾਸਕ ਬਣਾਉਣ ਲਈ ਸਾਰਿਆਂ ਦਾ ਸਹਿਯੋਗ ਜ਼ਰੂਰੀ ਹੈ। ਇਸ ਮੌਕੇ ਤੇ ਕਮੇਟੀ ਦੇ ਸਮੂਹ ਮੈਂਬਰ, ਨੱਤ, ਦਲਜੀਤ ਸਿੰਘ ਬਰੀਕੇ, ਤਾਰਾ ਸਿੰਘ, ਬੂਟਾ ਸਿੰਘ, ਮੱਖਣ ਸਿੰਘ, ਤੋਤਾ ਸਿੰਘ ਆਦਿ ਹਾਜ਼ਰ ਸਨ।
ਇੰਟਰ ਕਾਲਜ ਫੁੱਟਬਾਲ ਮੁਕਾਬਲਿਆਂ 'ਚ ਅਵੱਲ ਰਹੀ ਖ਼ਾਲਸਾ
ਕਾਲਜ ਦੀ ਫੁੱਟਬਾਲ ਟੀਮ ਦਾ ਚੈਂਪੀਅਨ ਟਰਾਫ਼ੀ ਨਾਲ ਸਨਮਾਨ
ਪੈਗ਼ਾਮ-ਏ-ਜਗਤ
ਗੜ੍ਹਸ਼ੰਕਰ (ਹਰੀ ਕ੍ਰਿਸ਼ਨ ਗੌਰਵ)
ਇੰਟਰ ਕਾਲਜ ਫੁੱਟਬਾਲ ਮੁਕਾਬਲਿਆਂ ਵਿੱਚ ਖ਼ਾਲਸਾ ਕਾਲਜ ਦੀ ਫੁੱਟਬਾਲ ਟੀਮ ਅਵੱਲ ਰਹੀ ਜਿਸ ਦਾ ਕਾਲਜ ਪ੍ਰਬੰਧਕ ਕਮੇਟੀ ਵੱਲੋਂ ਚੈਂਪੀਅਨ ਟਰਾਫ਼ੀ ਨਾਲ ਸਨਮਾਨ ਕੀਤਾ ਗਿਆ। ਕਾਲਜ ਦੇ ਪ੍ਰਿੰਸੀਪਲ ਨੇ ਖਿਡਾਰੀਆਂ ਨੂੰ ਵਧਾਈ ਦਿੱਤੀ।
ਚੈਂਪੀਅਨ ਟਰਾਫ਼ੀ ਨਾਲ ਸਨਮਾਨਿਤ ਖ਼ਾਲਸਾ ਕਾਲਜ ਦੀ ਫੁੱਟਬਾਲ ਟੀਮ।
ਕਾਲਜ ਫੁੱਟਬਾਲ ਮੁਕਾਬਲਿਆਂ ਵਿਚ ਕਾਲਜ ਦੀ ਟੀਮ ਨੇ ਕੋਚ ਹਰਦੀਪ ਸਿੰਘ ਗਿੱਲ ਦੀ ਅਗਵਾਈ ਹੇਠ ਸ਼ਾਨਦਾਰ ਪ੍ਰਦਰਸ਼ਨ ਕੀਤਾ। ਟੀਮ ਨੇ ਸਾਰੇ ਮੈਚ ਜਿੱਤ ਕੇ ਟਰਾਫ਼ੀ ਤੇ ਕਬਜ਼ਾ ਕੀਤਾ।
ਹੀਰਾ ਨੇ ਇਸ ਸ਼ਾਨਦਾਰ ਪ੍ਰਾਪਤੀ ਲਈ ਕੋਚ ਹਰਦੀਪ ਸਿੰਘ ਗਿੱਲ ਅਤੇ ਖਿਡਾਰੀਆਂ ਨੂੰ ਵਧਾਈ ਦਿੱਤੀ ਅਤੇ ਕਿਹਾ ਕਿ ਖੇਡਾਂ ਨਾਲ ਸਰੀਰਕ ਅਤੇ ਮਾਨਸਿਕ ਵਿਕਾਸ ਹੁੰਦਾ ਹੈ।
ਕਮੇਟੀ ਮੈਂਬਰ, ਸੁਪਰਵਾਈਜ਼ਰ ਪਰਮਿੰਦਰ ਸਿੰਘ ਤੇ ਹੋਰ ਹਾਜ਼ਰ ਹੋਏ।
ਨਾਗਰਿਕ ਦਸਤਾਵੇਜ਼ ਬਣਾਉਣ ਦੀਆਂ ਸੁਵਿਧਾਵਾਂ ਲਈ ਪੰਜਾਬ ਸਰਕਾਰ
ਦੇ ਹੈਲਪ ਲਾਈਨ ਨੰ 1076 ਦਾ ਲਾਭ ਉਠਾਉਣ : ਸਿਮਰਨਜੋਤ ਭਾਰਤੀ
ਪੈਗ਼ਾਮ-ਏ-ਜਗਤ
ਰਾਹੋਂ (ਸਰਬਜੀਤ ਸਿੰਘ ਸੂੰਢਵਾਲ)
ਪੰਜਾਬ ਸਰਕਾਰ ਵੱਲੋਂ ਨਾਗਰਿਕਾਂ ਦੀ ਸਹੂਲਤ ਲਈ ਸ਼ੁਰੂ ਕੀਤੀ ਗਈ ਹੈਲਪ ਲਾਈਨ ਨੰਬਰ 1076 ਦਾ ਲਾਭ ਉਠਾਉਣ ਦੀ ਅਪੀਲ ਸਿਮਰਨਜੋਤ ਭਾਰਤੀ ਨੇ ਕੀਤੀ ਹੈ। ਉਨ੍ਹਾਂ ਕਿਹਾ ਕਿ ਇਸ ਹੈਲਪ ਲਾਈਨ ਰਾਹੀਂ ਨਾਗਰਿਕ ਘਰ ਬੈਠੇ ਹੀ ਦਸਤਾਵੇਜ਼ ਬਣਵਾ ਸਕਦੇ ਹਨ।
1500/- ਤੇ ਮਾਸਿਕ ਅਤੇ ਸਾਲਾਨਾ ਆਮਦਨ ਸਰਟੀਫਿਕੇਟ ਲਈ 1000/- ਰੁ. ਮਾਸਿਕ ਸਹੂਲਤ ਦਿੱਤੀ ਜਾਂਦੀ ਹੈ। ਉਨ੍ਹਾਂ ਦੱਸਿਆ ਕਿ ਜਨਮ ਸਰਟੀਫਿਕੇਟ, ਮੌਤ ਸਰਟੀਫਿਕੇਟ, ਰਿਹਾਇਸ਼ੀ ਸਰਟੀਫਿਕੇਟ ਆਦਿ ਸੇਵਾਵਾਂ ਇਸ ਰਾਹੀਂ ਪ੍ਰਾਪਤ ਕੀਤੀਆਂ ਜਾ ਸਕਦੀਆਂ ਹਨ।
ਉਨ੍ਹਾਂ ਕਿਹਾ ਕਿ ਸਰਕਾਰ ਦੀ ਇਸ ਪਹਿਲ ਨਾਲ ਲੋਕਾਂ ਨੂੰ ਦਫ਼ਤਰਾਂ ਦੇ ਚੱਕਰ ਨਹੀਂ ਕੱਟਣੇ ਪੈਣਗੇ ਅਤੇ ਸਮੇਂ ਅਤੇ ਪੈਸੇ ਦੀ ਬੱਚਤ ਹੋਵੇਗੀ। ਉਨ੍ਹਾਂ ਲੋਕਾਂ ਨੂੰ ਅਪੀਲ ਕੀਤੀ ਕਿ ਉਹ ਵੱਧ ਤੋਂ ਵੱਧ ਇਸ ਸੇਵਾ ਦਾ ਲਾਭ ਲੈਣ। ਸੇਵਾ ਪ੍ਰਾਪਤ ਕਰਨ ਲਈ 1076 ਤੇ ਫੋਨ ਕਰਕੇ ਸਮਾਂ ਬੁੱਕ ਕਰਵਾਇਆ ਜਾ ਸਕਦਾ ਹੈ।
ਸਿਮਰਨਜੋਤ ਭਾਰਤੀ
'ਪੈਗ਼ਾਮ-ਏ-ਜਗਤ' 'ਚ ਪ੍ਰਕਾਸ਼ਿਤ ਸਮੱਗਰੀ ਅਤੇ ਹੋਰ ਵਾਦ-ਵਿਵਾਦ ਸੰਬੰਧੀ ਕੇਸਾਂ ਦਾ ਨਿਪਟਾਰਾ ਸਿਰਫ਼ ਮੁਹਾਲੀ (ਚੰਡੀਗੜ੍ਹ) ਕੋਰਟ ਵਿੱਚ ਹੀ ਹੋਵੇਗਾ। ਲੇਖਕਾਂ ਦੀ ਰਾਏ ਨਾਲ ਸੰਪਾਦਕ ਦਾ ਸਹਿਮਤ ਹੋਣਾ ਜ਼ਰੂਰੀ ਨਹੀਂ। -ਸੰਪਾਦਕ, ਪੈਗ਼ਾਮ-ਏ-ਜਗਤ
